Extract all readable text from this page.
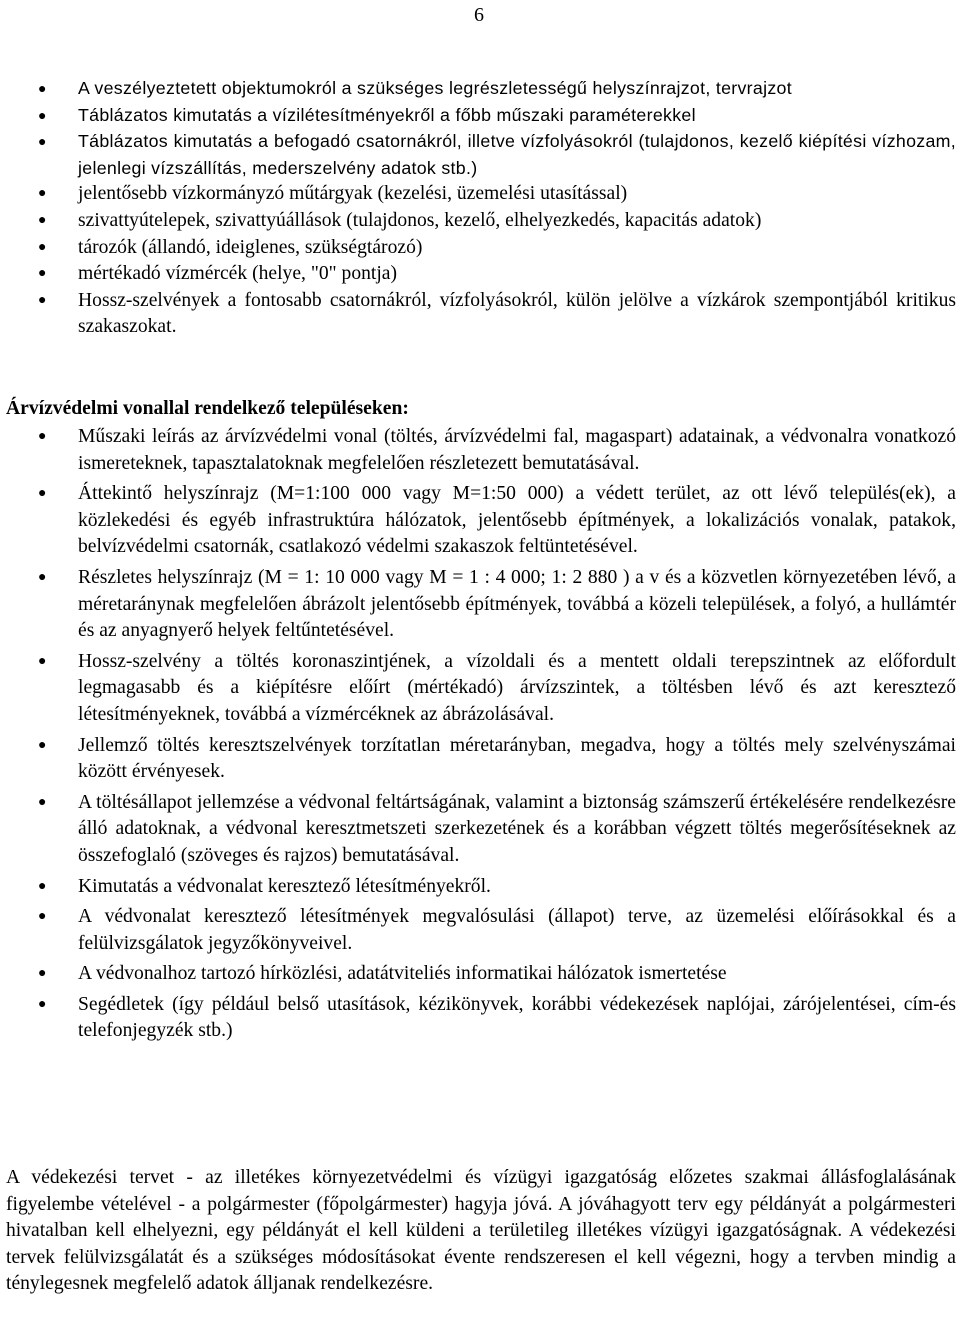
6
● A veszélyeztetett objektumokról a szükséges legrészletességű helyszínrajzot, tervrajzot
● Táblázatos kimutatás a vízilétesítményekről a főbb műszaki paraméterekkel
● Táblázatos kimutatás a befogadó csatornákról, illetve vízfolyásokról (tulajdonos, kezelő kiépítési vízhozam, jelenlegi vízszállítás, mederszelvény adatok stb.)
● jelentősebb vízkormányzó műtárgyak (kezelési, üzemelési utasítással)
● szivattyútelepek, szivattyúállások (tulajdonos, kezelő, elhelyezkedés, kapacitás adatok)
● tározók (állandó, ideiglenes, szükségtározó)
● mértékadó vízmércék (helye, "0" pontja)
● Hossz-szelvények a fontosabb csatornákról, vízfolyásokról, külön jelölve a vízkárok szempontjából kritikus szakaszokat.
Árvízvédelmi vonallal rendelkező településeken:
● Műszaki leírás az árvízvédelmi vonal (töltés, árvízvédelmi fal, magaspart) adatainak, a védvonalra vonatkozó ismereteknek, tapasztalatoknak megfelelően részletezett bemutatásával.
● Áttekintő helyszínrajz (M=1:100 000 vagy M=1:50 000) a védett terület, az ott lévő település(ek), a közlekedési és egyéb infrastruktúra hálózatok, jelentősebb építmények, a lokalizációs vonalak, patakok, belvízvédelmi csatornák, csatlakozó védelmi szakaszok feltüntetésével.
● Részletes helyszínrajz (M = 1: 10 000 vagy M = 1 : 4 000; 1: 2 880 ) a v és a közvetlen környezetében lévő, a méretaránynak megfelelően ábrázolt jelentősebb építmények, továbbá a közeli települések, a folyó, a hullámtér és az anyagnyerő helyek feltűntetésével.
● Hossz-szelvény a töltés koronaszintjének, a vízoldali és a mentett oldali terepszintnek az előfordult legmagasabb és a kiépítésre előírt (mértékadó) árvízszintek, a töltésben lévő és azt keresztező létesítményeknek, továbbá a vízmércéknek az ábrázolásával.
● Jellemző töltés keresztszelvények torzítatlan méretarányban, megadva, hogy a töltés mely szelvényszámai között érvényesek.
● A töltésállapot jellemzése a védvonal feltártságának, valamint a biztonság számszerű értékelésére rendelkezésre álló adatoknak, a védvonal keresztmetszeti szerkezetének és a korábban végzett töltés megerősítéseknek az összefoglaló (szöveges és rajzos) bemutatásával.
● Kimutatás a védvonalat keresztező létesítményekről.
● A védvonalat keresztező létesítmények megvalósulási (állapot) terve, az üzemelési előírásokkal és a felülvizsgálatok jegyzőkönyveivel.
● A védvonalhoz tartozó hírközlési, adatátviteliés informatikai hálózatok ismertetése
● Segédletek (így például belső utasítások, kézikönyvek, korábbi védekezések naplójai, zárójelentései, cím-és telefonjegyzék stb.)

A védekezési tervet - az illetékes környezetvédelmi és vízügyi igazgatóság előzetes szakmai állásfoglalásának figyelembe vételével - a polgármester (főpolgármester) hagyja jóvá. A jóváhagyott terv egy példányát a polgármesteri hivatalban kell elhelyezni, egy példányát el kell küldeni a területileg illetékes vízügyi igazgatóságnak. A védekezési tervek felülvizsgálatát és a szükséges módosításokat évente rendszeresen el kell végezni, hogy a tervben mindig a ténylegesnek megfelelő adatok álljanak rendelkezésre.
